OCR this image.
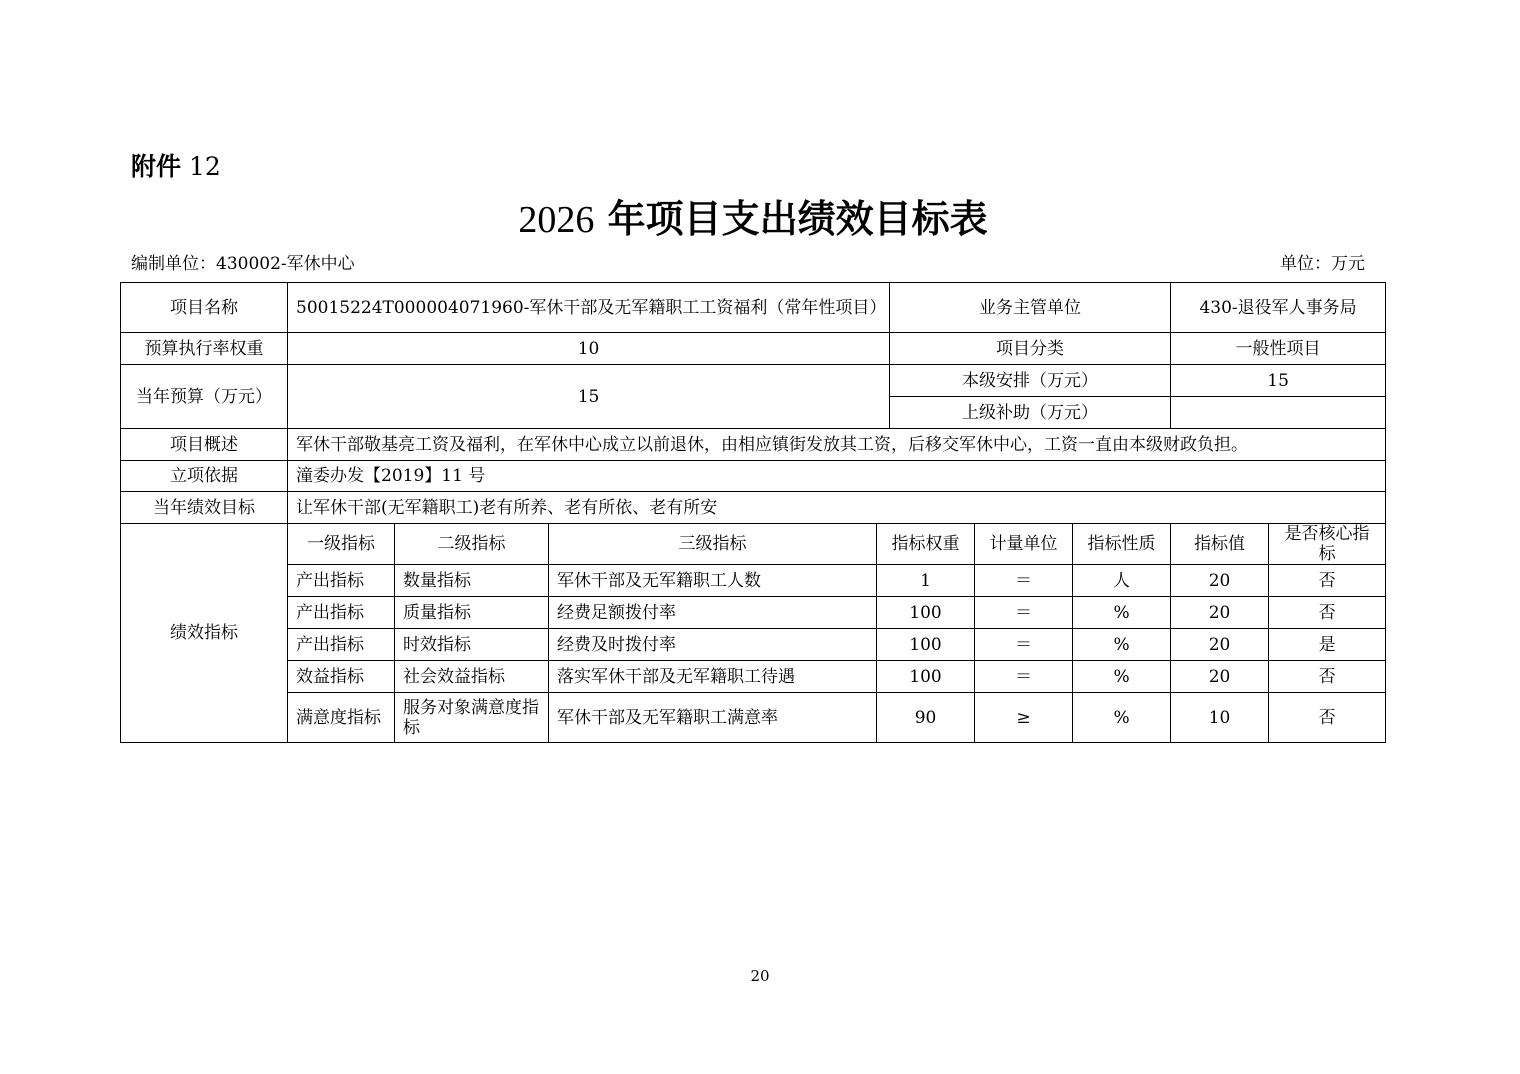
附件 12
2026 年项目支出绩效目标表
编制单位：430002-军休中心	单位：万元
项目名称	50015224T000004071960-军休干部及无军籍职工工资福利（常年性项目）				业务主管单位			430-退役军人事务局	
预算执行率权重	10				项目分类			一般性项目	
当年预算（万元）	15				本级安排（万元）			15	
					上级补助（万元）				
项目概述	军休干部敬基亮工资及福利，在军休中心成立以前退休，由相应镇街发放其工资，后移交军休中心，工资一直由本级财政负担。								
立项依据	潼委办发【2019】11 号								
当年绩效目标	让军休干部(无军籍职工)老有所养、老有所依、老有所安								
绩效指标	一级指标	二级指标	三级指标	指标权重		计量单位	指标性质	指标值	是否核心指标
	产出指标	数量指标	军休干部及无军籍职工人数	1		＝	人	20	否
	产出指标	质量指标	经费足额拨付率	100		＝	%	20	否
	产出指标	时效指标	经费及时拨付率	100		＝	%	20	是
	效益指标	社会效益指标	落实军休干部及无军籍职工待遇	100		＝	%	20	否
	满意度指标	服务对象满意度指标	军休干部及无军籍职工满意率	90		≥	%	10	否
20
